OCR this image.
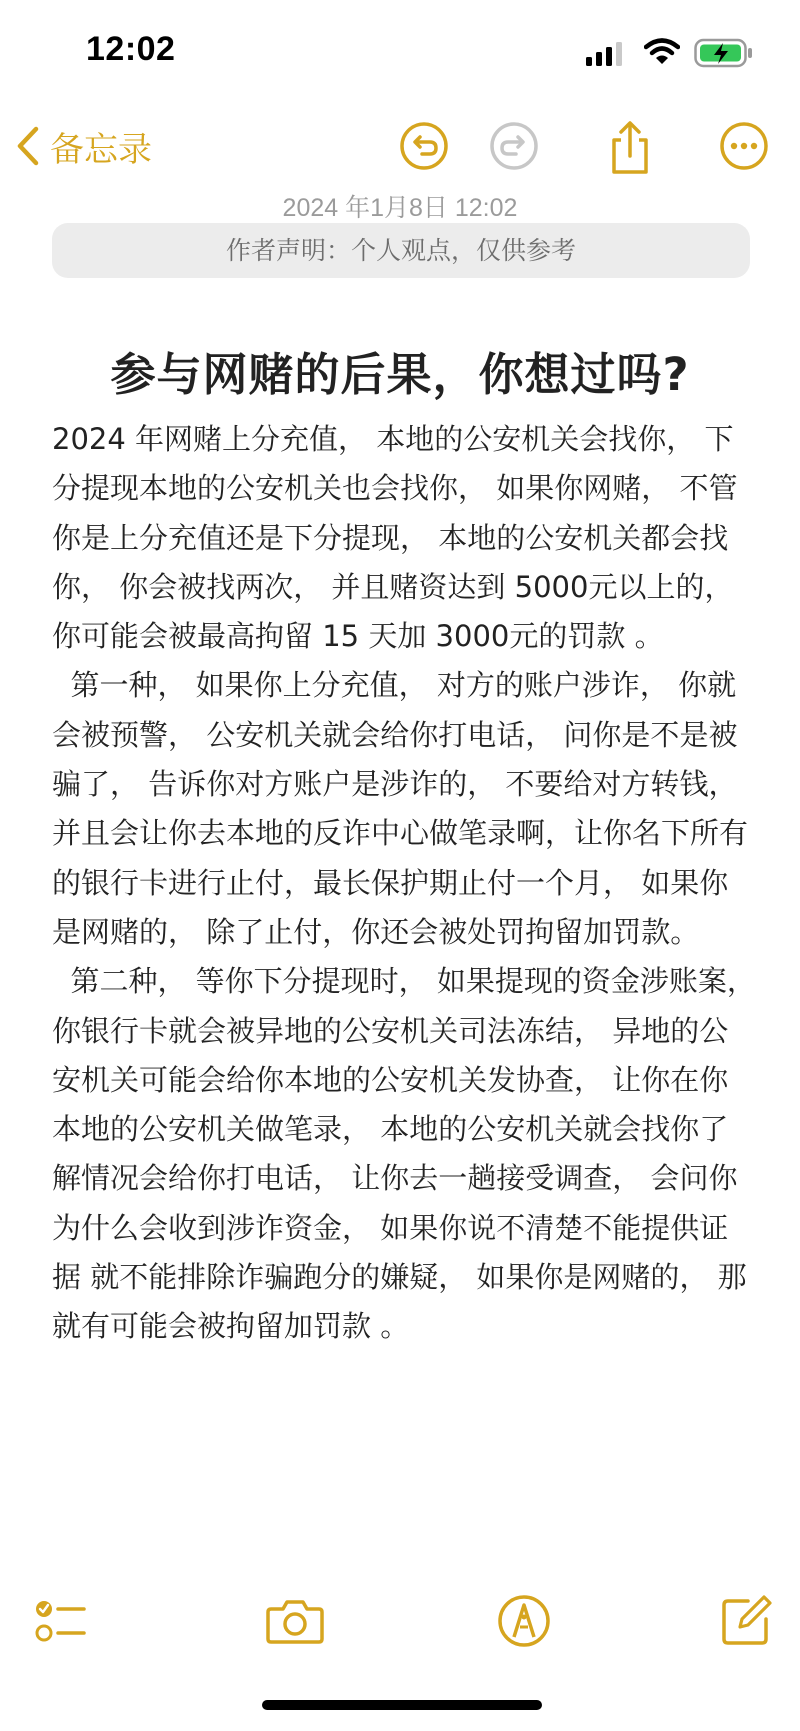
12:02
备忘录
2024 年1月8日 12:02
作者声明：个人观点，仅供参考
参与网赌的后果，你想过吗?

2024 年网赌上分充值， 本地的公安机关会找你， 下分提现本地的公安机关也会找你， 如果你网赌， 不管你是上分充值还是下分提现， 本地的公安机关都会找你， 你会被找两次， 并且赌资达到 5000元以上的， 你可能会被最高拘留 15 天加 3000元的罚款 。

第一种， 如果你上分充值， 对方的账户涉诈， 你就会被预警， 公安机关就会给你打电话， 问你是不是被骗了， 告诉你对方账户是涉诈的， 不要给对方转钱， 并且会让你去本地的反诈中心做笔录啊，让你名下所有的银行卡进行止付，最长保护期止付一个月， 如果你是网赌的， 除了止付，你还会被处罚拘留加罚款。

第二种， 等你下分提现时， 如果提现的资金涉账案，你银行卡就会被异地的公安机关司法冻结， 异地的公安机关可能会给你本地的公安机关发协查， 让你在你本地的公安机关做笔录， 本地的公安机关就会找你了解情况会给你打电话， 让你去一趟接受调查， 会问你为什么会收到涉诈资金， 如果你说不清楚不能提供证据 就不能排除诈骗跑分的嫌疑， 如果你是网赌的， 那就有可能会被拘留加罚款 。
